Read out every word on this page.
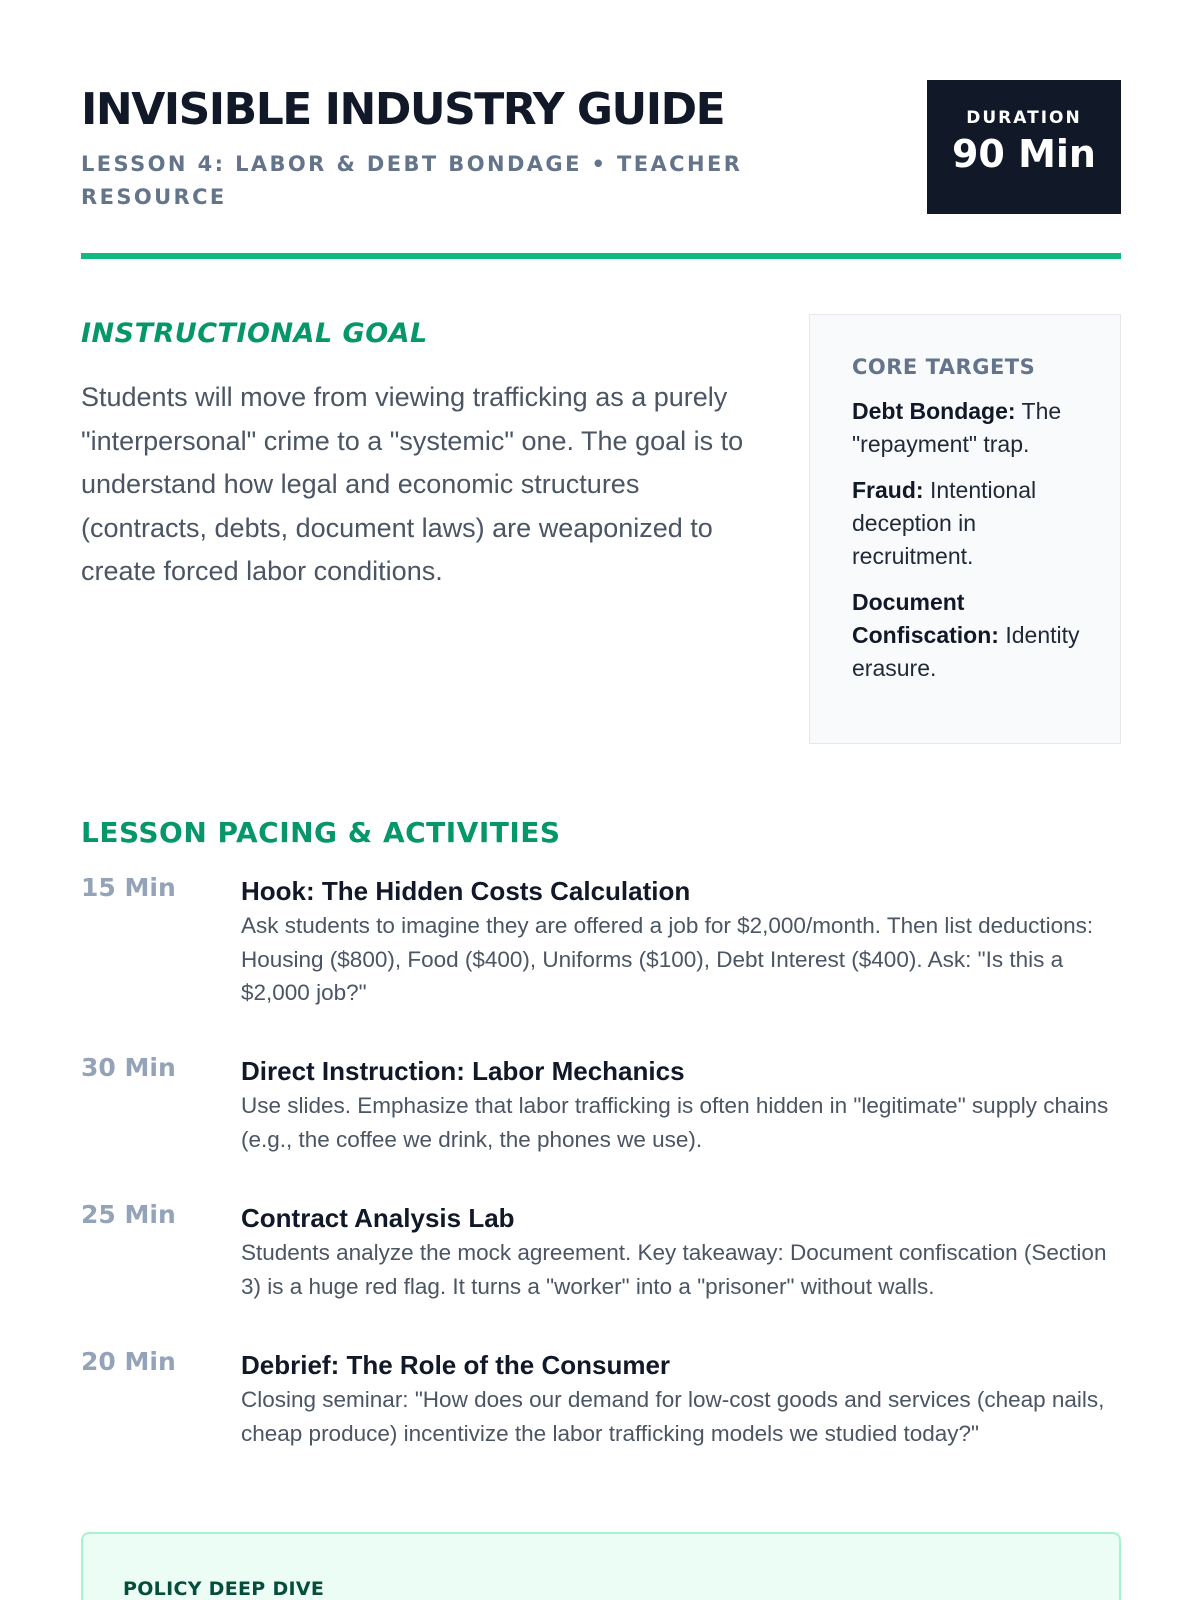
INVISIBLE INDUSTRY GUIDE
LESSON 4: LABOR & DEBT BONDAGE • TEACHER RESOURCE
DURATION
90 Min
INSTRUCTIONAL GOAL
Students will move from viewing trafficking as a purely "interpersonal" crime to a "systemic" one. The goal is to understand how legal and economic structures (contracts, debts, document laws) are weaponized to create forced labor conditions.
CORE TARGETS
Debt Bondage: The "repayment" trap.
Fraud: Intentional deception in recruitment.
Document Confiscation: Identity erasure.
LESSON PACING & ACTIVITIES
15 Min	Hook: The Hidden Costs Calculation
Ask students to imagine they are offered a job for $2,000/month. Then list deductions: Housing ($800), Food ($400), Uniforms ($100), Debt Interest ($400). Ask: "Is this a $2,000 job?"
30 Min	Direct Instruction: Labor Mechanics
Use slides. Emphasize that labor trafficking is often hidden in "legitimate" supply chains (e.g., the coffee we drink, the phones we use).
25 Min	Contract Analysis Lab
Students analyze the mock agreement. Key takeaway: Document confiscation (Section 3) is a huge red flag. It turns a "worker" into a "prisoner" without walls.
20 Min	Debrief: The Role of the Consumer
Closing seminar: "How does our demand for low-cost goods and services (cheap nails, cheap produce) incentivize the labor trafficking models we studied today?"
POLICY DEEP DIVE
